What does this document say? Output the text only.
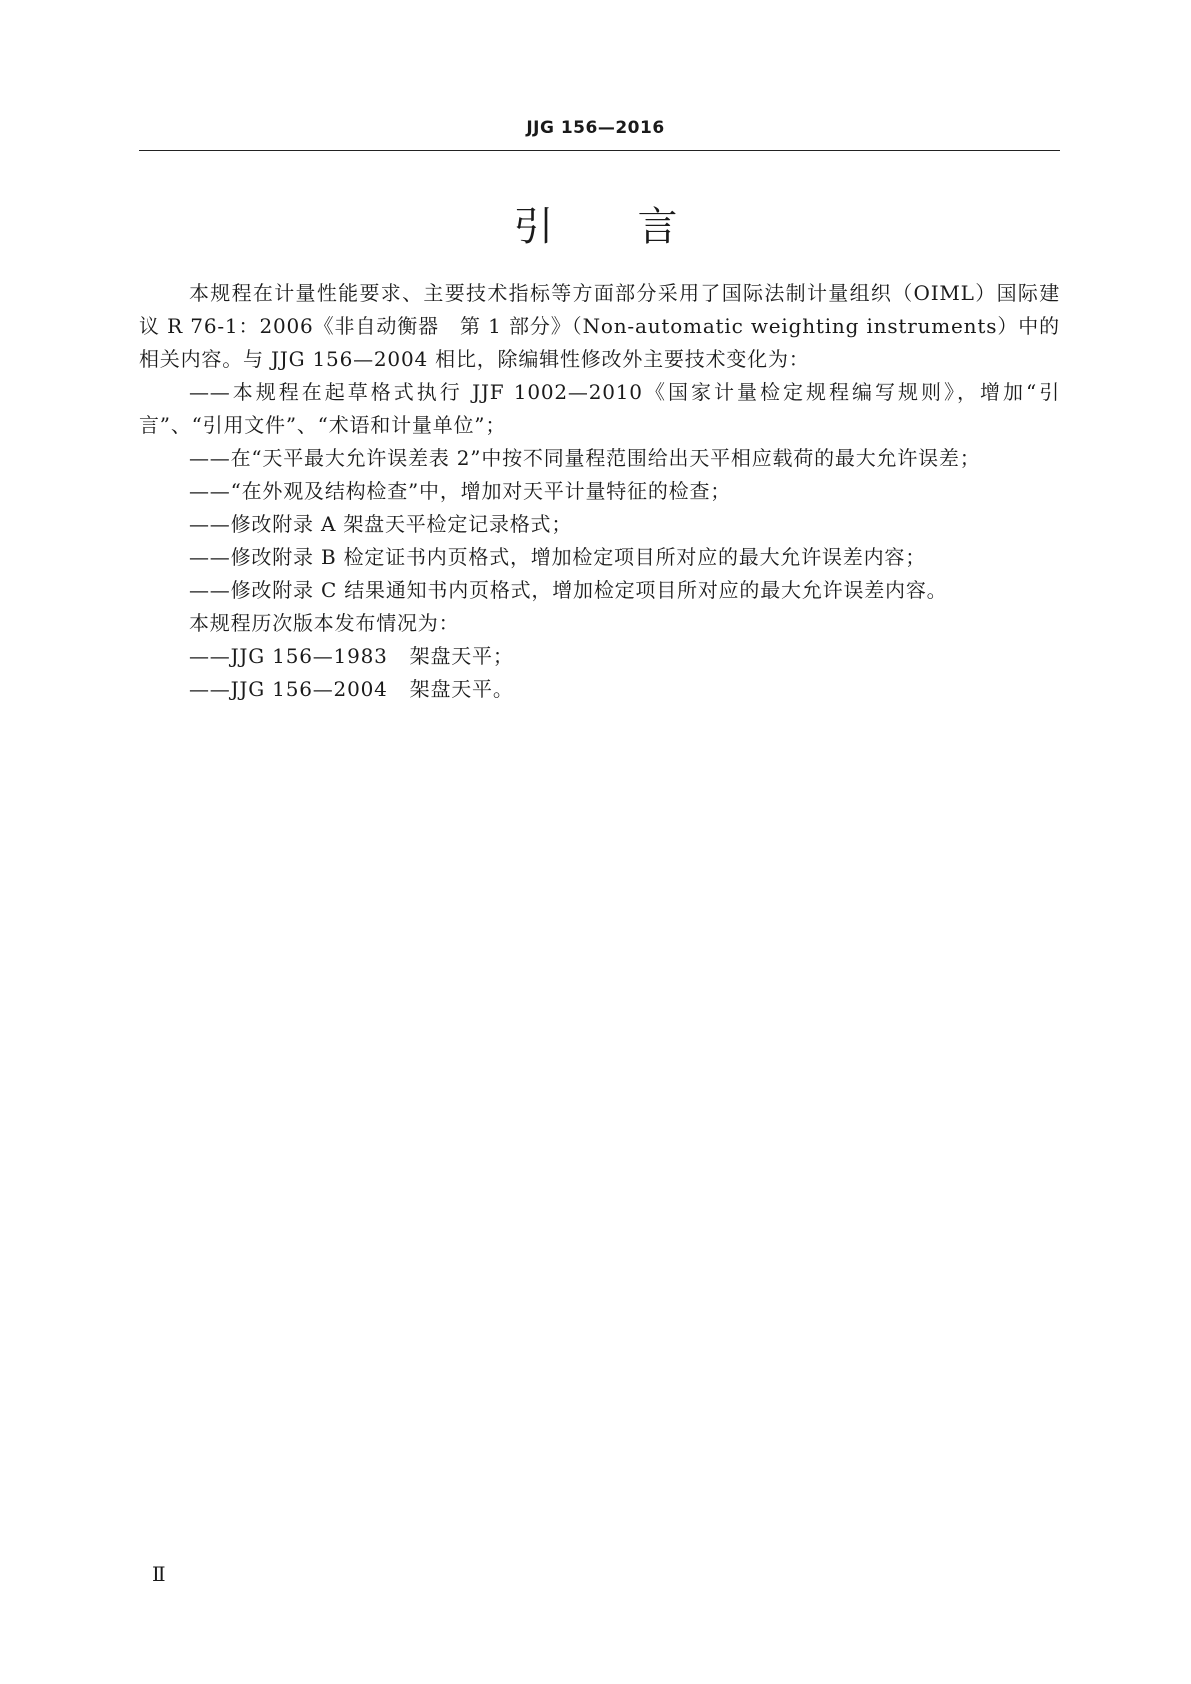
JJG 156—2016
引言

本规程在计量性能要求、主要技术指标等方面部分采用了国际法制计量组织（OIML）国际建议 R 76-1：2006《非自动衡器　第 1 部分》（Non-automatic weighting instruments）中的相关内容。与 JJG 156—2004 相比，除编辑性修改外主要技术变化为：

——本规程在起草格式执行 JJF 1002—2010《国家计量检定规程编写规则》，增加“引言”、“引用文件”、“术语和计量单位”；

——在“天平最大允许误差表 2”中按不同量程范围给出天平相应载荷的最大允许误差；

——“在外观及结构检查”中，增加对天平计量特征的检查；

——修改附录 A 架盘天平检定记录格式；

——修改附录 B 检定证书内页格式，增加检定项目所对应的最大允许误差内容；

——修改附录 C 结果通知书内页格式，增加检定项目所对应的最大允许误差内容。

本规程历次版本发布情况为：

——JJG 156—1983 架盘天平；

——JJG 156—2004 架盘天平。

Ⅱ
